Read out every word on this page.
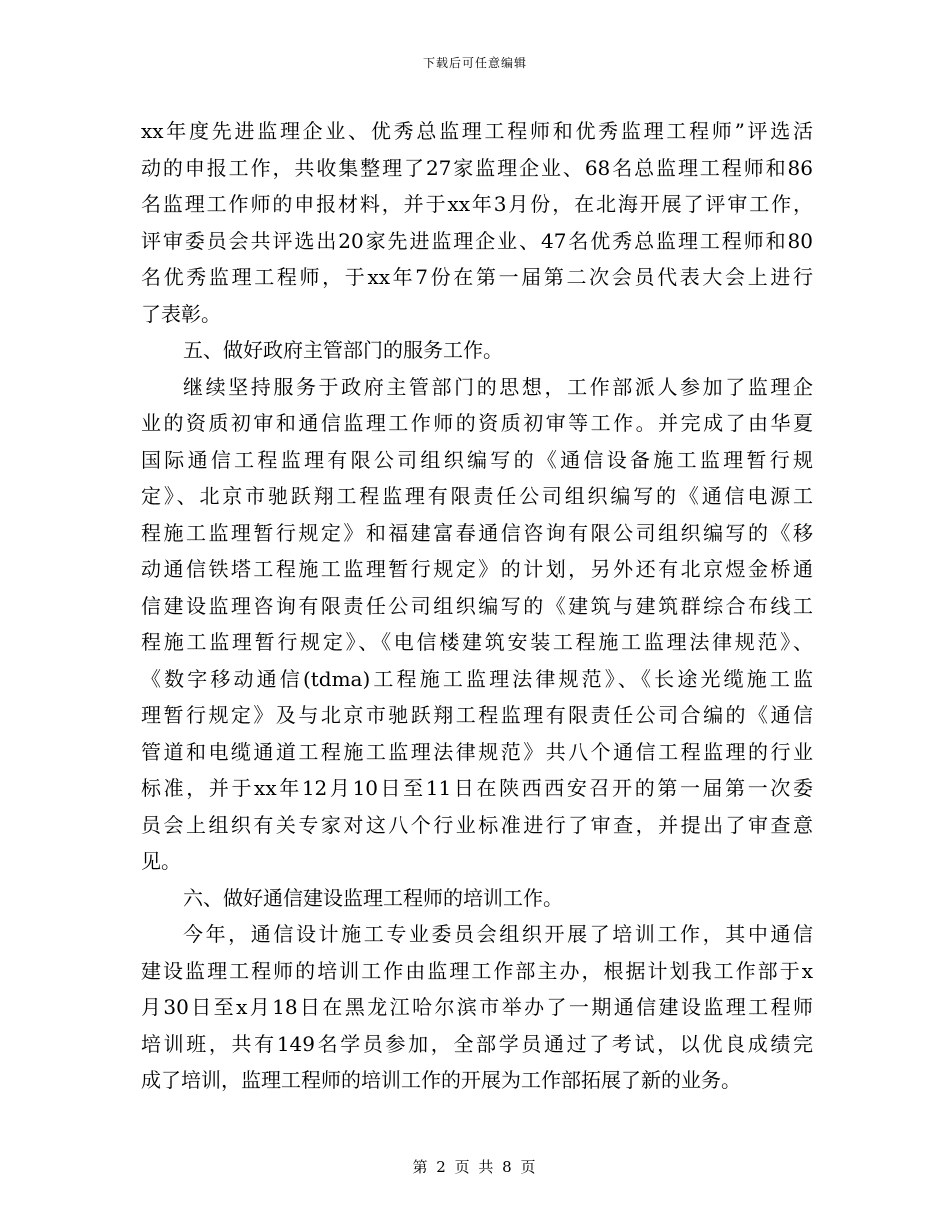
下载后可任意编辑
xx年度先进监理企业、优秀总监理工程师和优秀监理工程师”评选活
动的申报工作，共收集整理了27家监理企业、68名总监理工程师和86
名监理工作师的申报材料，并于xx年3月份，在北海开展了评审工作，
评审委员会共评选出20家先进监理企业、47名优秀总监理工程师和80
名优秀监理工程师，于xx年7份在第一届第二次会员代表大会上进行
了表彰。
五、做好政府主管部门的服务工作。
继续坚持服务于政府主管部门的思想，工作部派人参加了监理企
业的资质初审和通信监理工作师的资质初审等工作。并完成了由华夏
国际通信工程监理有限公司组织编写的《通信设备施工监理暂行规
定》、北京市驰跃翔工程监理有限责任公司组织编写的《通信电源工
程施工监理暂行规定》和福建富春通信咨询有限公司组织编写的《移
动通信铁塔工程施工监理暂行规定》的计划，另外还有北京煜金桥通
信建设监理咨询有限责任公司组织编写的《建筑与建筑群综合布线工
程施工监理暂行规定》、《电信楼建筑安装工程施工监理法律规范》、
《数字移动通信(tdma)工程施工监理法律规范》、《长途光缆施工监
理暂行规定》及与北京市驰跃翔工程监理有限责任公司合编的《通信
管道和电缆通道工程施工监理法律规范》共八个通信工程监理的行业
标准，并于xx年12月10日至11日在陕西西安召开的第一届第一次委
员会上组织有关专家对这八个行业标准进行了审查，并提出了审查意
见。
六、做好通信建设监理工程师的培训工作。
今年，通信设计施工专业委员会组织开展了培训工作，其中通信
建设监理工程师的培训工作由监理工作部主办，根据计划我工作部于x
月30日至x月18日在黑龙江哈尔滨市举办了一期通信建设监理工程师
培训班，共有149名学员参加，全部学员通过了考试，以优良成绩完
成了培训，监理工程师的培训工作的开展为工作部拓展了新的业务。
第 2 页 共 8 页
